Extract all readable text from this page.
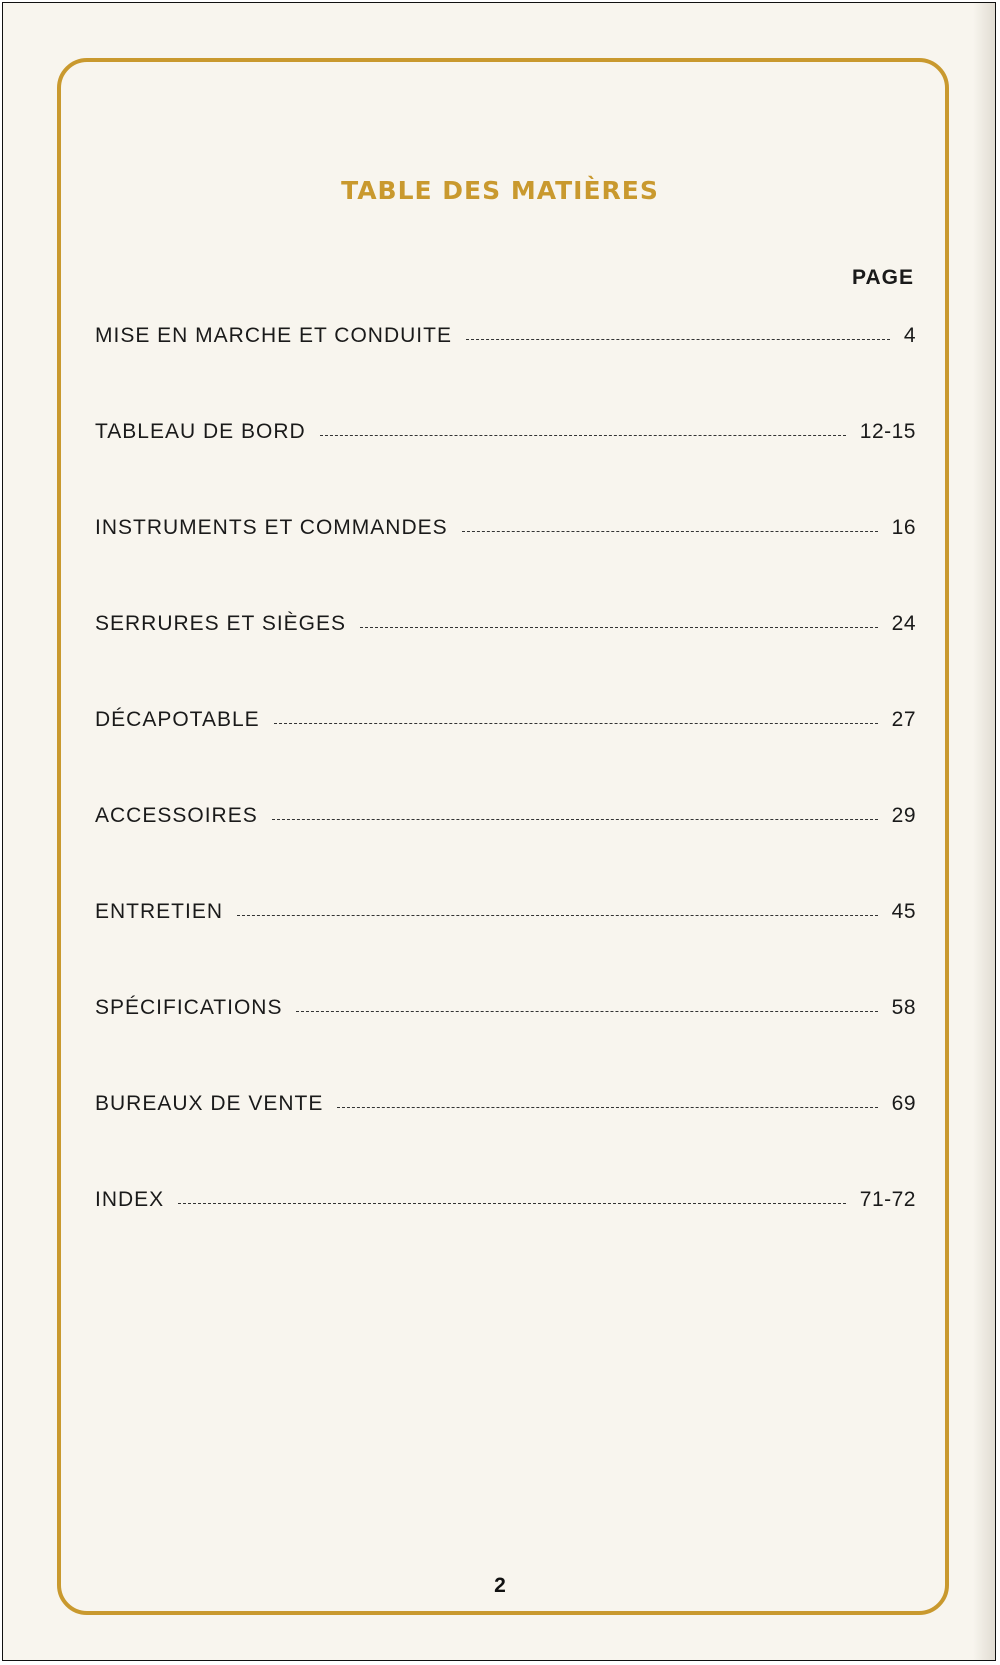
TABLE DES MATIÈRES
PAGE
MISE EN MARCHE ET CONDUITE	4
TABLEAU DE BORD	12-15
INSTRUMENTS ET COMMANDES	16
SERRURES ET SIÈGES	24
DÉCAPOTABLE	27
ACCESSOIRES	29
ENTRETIEN	45
SPÉCIFICATIONS	58
BUREAUX DE VENTE	69
INDEX	71-72
2
